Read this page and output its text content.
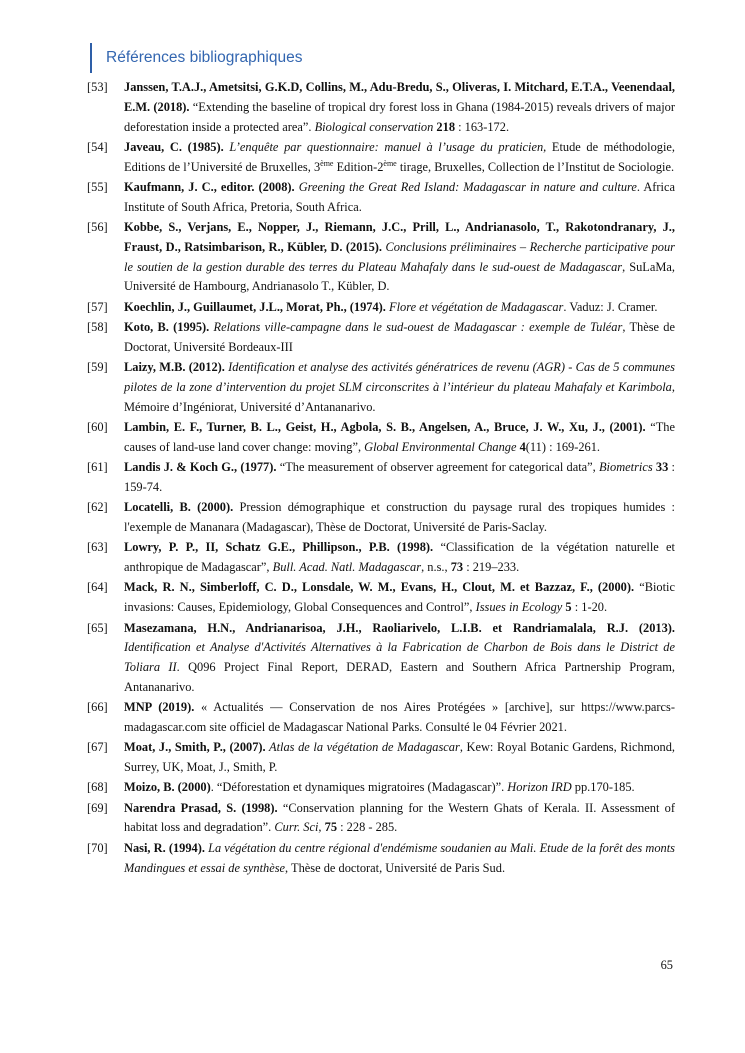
Références bibliographiques
[53]	Janssen, T.A.J., Ametsitsi, G.K.D, Collins, M., Adu-Bredu, S., Oliveras, I. Mitchard, E.T.A., Veenendaal, E.M. (2018). “Extending the baseline of tropical dry forest loss in Ghana (1984-2015) reveals drivers of major deforestation inside a protected area”. Biological conservation 218 : 163-172.
[54]	Javeau, C. (1985). L’enquête par questionnaire: manuel à l’usage du praticien, Etude de méthodologie, Editions de l’Université de Bruxelles, 3ème Edition-2ème tirage, Bruxelles, Collection de l’Institut de Sociologie.
[55]	Kaufmann, J. C., editor. (2008). Greening the Great Red Island: Madagascar in nature and culture. Africa Institute of South Africa, Pretoria, South Africa.
[56]	Kobbe, S., Verjans, E., Nopper, J., Riemann, J.C., Prill, L., Andrianasolo, T., Rakotondranary, J., Fraust, D., Ratsimbarison, R., Kübler, D. (2015). Conclusions préliminaires – Recherche participative pour le soutien de la gestion durable des terres du Plateau Mahafaly dans le sud-ouest de Madagascar, SuLaMa, Université de Hambourg, Andrianasolo T., Kübler, D.
[57]	Koechlin, J., Guillaumet, J.L., Morat, Ph., (1974). Flore et végétation de Madagascar. Vaduz: J. Cramer.
[58]	Koto, B. (1995). Relations ville-campagne dans le sud-ouest de Madagascar : exemple de Tuléar, Thèse de Doctorat, Université Bordeaux-III
[59]	Laizy, M.B. (2012). Identification et analyse des activités génératrices de revenu (AGR) - Cas de 5 communes pilotes de la zone d’intervention du projet SLM circonscrites à l’intérieur du plateau Mahafaly et Karimbola, Mémoire d’Ingéniorat, Université d’Antananarivo.
[60]	Lambin, E. F., Turner, B. L., Geist, H., Agbola, S. B., Angelsen, A., Bruce, J. W., Xu, J., (2001). “The causes of land-use land cover change: moving”, Global Environmental Change 4(11) : 169-261.
[61]	Landis J. & Koch G., (1977). “The measurement of observer agreement for categorical data”, Biometrics 33 : 159-74.
[62]	Locatelli, B. (2000). Pression démographique et construction du paysage rural des tropiques humides : l'exemple de Mananara (Madagascar), Thèse de Doctorat, Université de Paris-Saclay.
[63]	Lowry, P. P., II, Schatz G.E., Phillipson., P.B. (1998). “Classification de la végétation naturelle et anthropique de Madagascar”, Bull. Acad. Natl. Madagascar, n.s., 73 : 219–233.
[64]	Mack, R. N., Simberloff, C. D., Lonsdale, W. M., Evans, H., Clout, M. et Bazzaz, F., (2000). “Biotic invasions: Causes, Epidemiology, Global Consequences and Control”, Issues in Ecology 5 : 1-20.
[65]	Masezamana, H.N., Andrianarisoa, J.H., Raoliarivelo, L.I.B. et Randriamalala, R.J. (2013). Identification et Analyse d'Activités Alternatives à la Fabrication de Charbon de Bois dans le District de Toliara II. Q096 Project Final Report, DERAD, Eastern and Southern Africa Partnership Program, Antananarivo.
[66]	MNP (2019). « Actualités — Conservation de nos Aires Protégées » [archive], sur https://www.parcs-madagascar.com site officiel de Madagascar National Parks. Consulté le 04 Février 2021.
[67]	Moat, J., Smith, P., (2007). Atlas de la végétation de Madagascar, Kew: Royal Botanic Gardens, Richmond, Surrey, UK, Moat, J., Smith, P.
[68]	Moizo, B. (2000). “Déforestation et dynamiques migratoires (Madagascar)”. Horizon IRD pp.170-185.
[69]	Narendra Prasad, S. (1998). “Conservation planning for the Western Ghats of Kerala. II. Assessment of habitat loss and degradation”. Curr. Sci, 75 : 228 - 285.
[70]	Nasi, R. (1994). La végétation du centre régional d'endémisme soudanien au Mali. Etude de la forêt des monts Mandingues et essai de synthèse, Thèse de doctorat, Université de Paris Sud.
65
